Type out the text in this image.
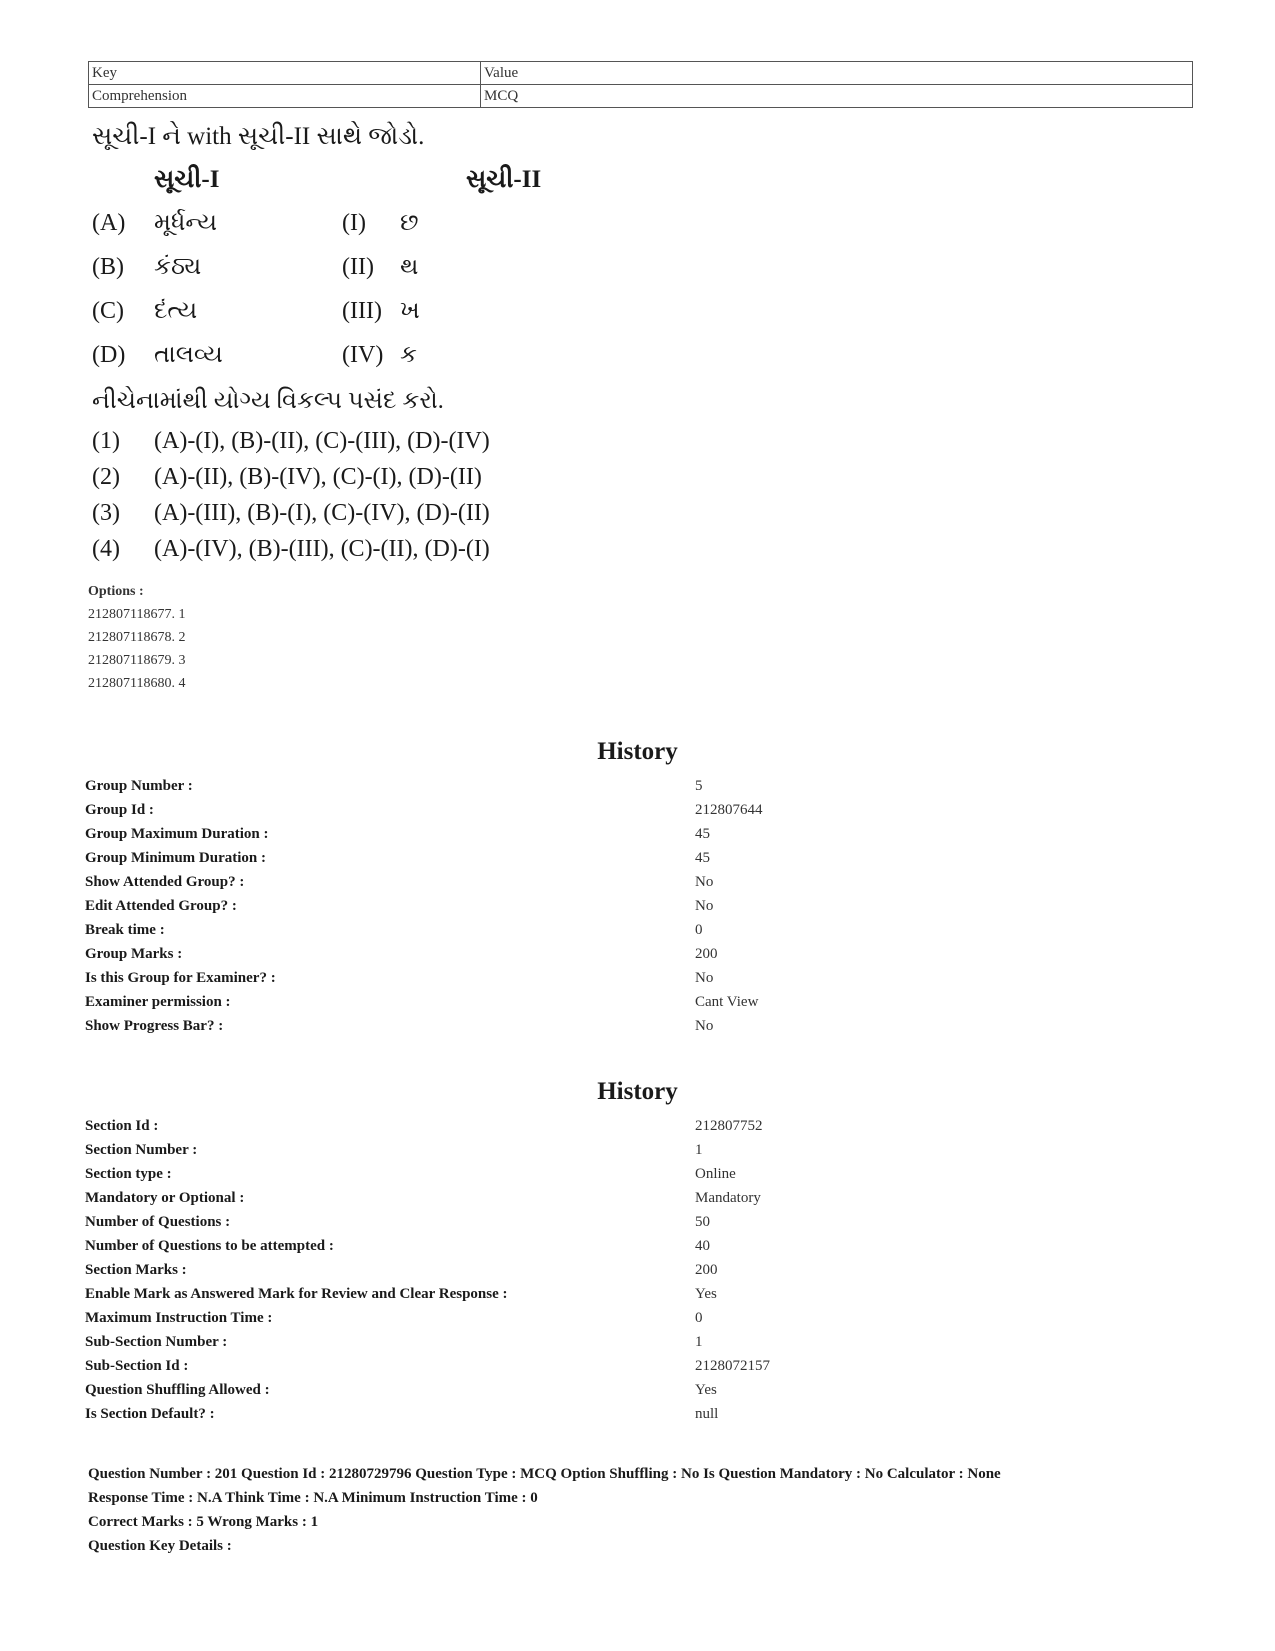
Key	Value
Comprehension	MCQ

સૂચી-I ને with સૂચી-II સાથે જોડો.

સૂચી-I	સૂચી-II
(A) મૂર્ધન્ય	(I) છ
(B) કંઠ્ય	(II) થ
(C) દંત્ય	(III) ખ
(D) તાલવ્ય	(IV) ક

નીચેનામાંથી યોગ્ય વિકલ્પ પસંદ કરો.

(1) (A)-(I), (B)-(II), (C)-(III), (D)-(IV)
(2) (A)-(II), (B)-(IV), (C)-(I), (D)-(II)
(3) (A)-(III), (B)-(I), (C)-(IV), (D)-(II)
(4) (A)-(IV), (B)-(III), (C)-(II), (D)-(I)
Options :
212807118677. 1
212807118678. 2
212807118679. 3
212807118680. 4
History
Group Number :	5
Group Id :	212807644
Group Maximum Duration :	45
Group Minimum Duration :	45
Show Attended Group? :	No
Edit Attended Group? :	No
Break time :	0
Group Marks :	200
Is this Group for Examiner? :	No
Examiner permission :	Cant View
Show Progress Bar? :	No
History
Section Id :	212807752
Section Number :	1
Section type :	Online
Mandatory or Optional :	Mandatory
Number of Questions :	50
Number of Questions to be attempted :	40
Section Marks :	200
Enable Mark as Answered Mark for Review and Clear Response :	Yes
Maximum Instruction Time :	0
Sub-Section Number :	1
Sub-Section Id :	2128072157
Question Shuffling Allowed :	Yes
Is Section Default? :	null
Question Number : 201 Question Id : 21280729796 Question Type : MCQ Option Shuffling : No Is Question Mandatory : No Calculator : None
Response Time : N.A Think Time : N.A Minimum Instruction Time : 0
Correct Marks : 5 Wrong Marks : 1
Question Key Details :
